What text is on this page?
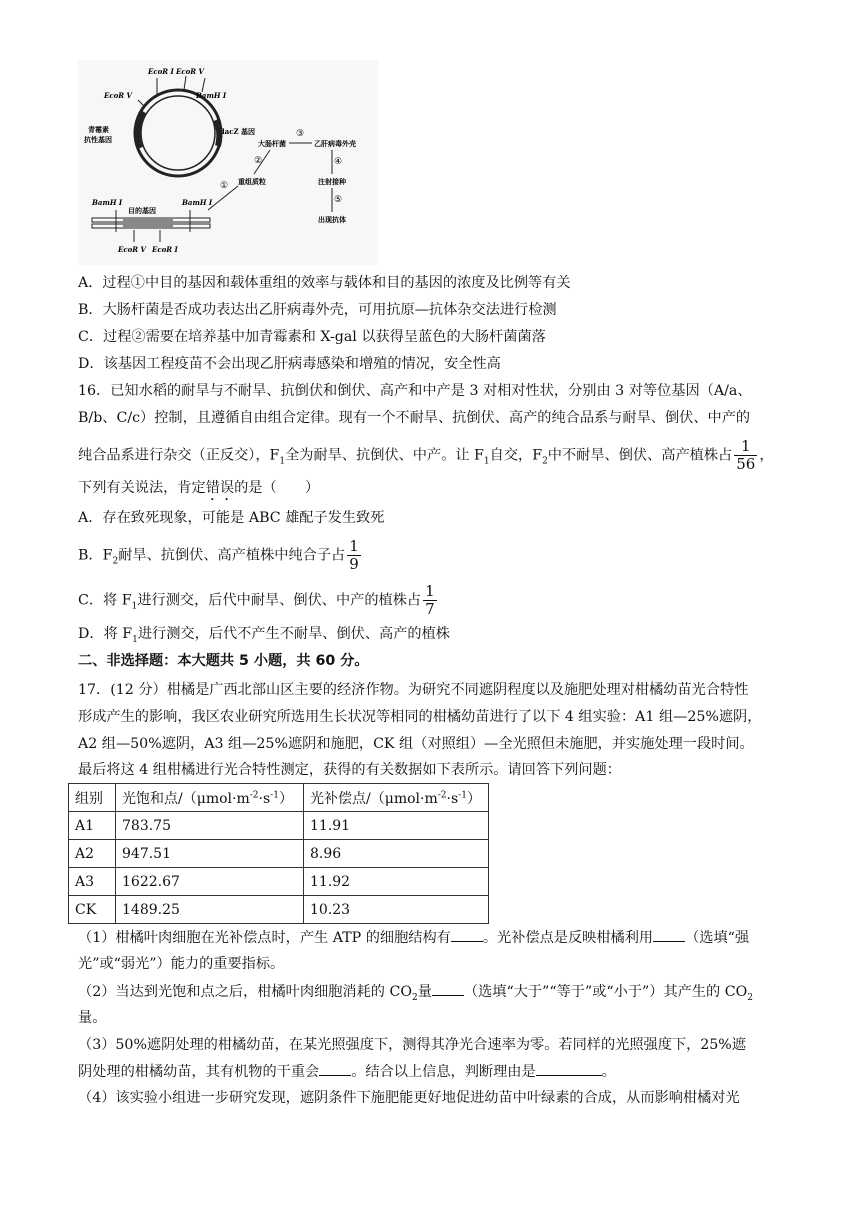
EcoR Ⅰ EcoR Ⅴ
EcoR Ⅴ	BamH Ⅰ
青霉素
抗性基因
lacZ 基因
大肠杆菌	乙肝病毒外壳
③
②
重组质粒
④
注射接种
⑤
出现抗体
①
BamH Ⅰ	BamH Ⅰ
目的基因
EcoR Ⅴ EcoR Ⅰ
A．过程①中目的基因和载体重组的效率与载体和目的基因的浓度及比例等有关
B．大肠杆菌是否成功表达出乙肝病毒外壳，可用抗原—抗体杂交法进行检测
C．过程②需要在培养基中加青霉素和 X-gal 以获得呈蓝色的大肠杆菌菌落
D．该基因工程疫苗不会出现乙肝病毒感染和增殖的情况，安全性高
16．已知水稻的耐旱与不耐旱、抗倒伏和倒伏、高产和中产是 3 对相对性状，分别由 3 对等位基因（A/a、
B/b、C/c）控制，且遵循自由组合定律。现有一个不耐旱、抗倒伏、高产的纯合品系与耐旱、倒伏、中产的
纯合品系进行杂交（正反交），$F_1$全为耐旱、抗倒伏、中产。让 $F_1$自交，$F_2$中不耐旱、倒伏、高产植株占 $\frac{1}{56}$ ，
下列有关说法，肯定错误的是（　　）
A．存在致死现象，可能是 ABC 雄配子发生致死
B．$F_2$耐旱、抗倒伏、高产植株中纯合子占 $\frac{1}{9}$
C．将 $F_1$进行测交，后代中耐旱、倒伏、中产的植株占 $\frac{1}{7}$
D．将 $F_1$进行测交，后代不产生不耐旱、倒伏、高产的植株
二、非选择题：本大题共 5 小题，共 60 分。
17．(12 分）柑橘是广西北部山区主要的经济作物。为研究不同遮阴程度以及施肥处理对柑橘幼苗光合特性
形成产生的影响，我区农业研究所选用生长状况等相同的柑橘幼苗进行了以下 4 组实验：A1 组—25%遮阴，
A2 组—50%遮阴，A3 组—25%遮阴和施肥，CK 组（对照组）—全光照但未施肥，并实施处理一段时间。
最后将这 4 组柑橘进行光合特性测定，获得的有关数据如下表所示。请回答下列问题：
组别	光饱和点$/(\mu mol\cdot m^{-2}\cdot s^{-1})$	光补偿点$/(\mu mol\cdot m^{-2}\cdot s^{-1})$
A1	783.75	11.91
A2	947.51	8.96
A3	1622.67	11.92
CK	1489.25	10.23
（1）柑橘叶肉细胞在光补偿点时，产生 ATP 的细胞结构有 。光补偿点是反映柑橘利用 （选填“强
光”或“弱光”）能力的重要指标。
（2）当达到光饱和点之后，柑橘叶肉细胞消耗的 $CO_2$量 （选填“大于”“等于”或“小于”）其产生的 $CO_2$
量。
（3）50%遮阴处理的柑橘幼苗，在某光照强度下，测得其净光合速率为零。若同样的光照强度下，25%遮
阴处理的柑橘幼苗，其有机物的干重会 。结合以上信息，判断理由是	。
（4）该实验小组进一步研究发现，遮阴条件下施肥能更好地促进幼苗中叶绿素的合成，从而影响柑橘对光
